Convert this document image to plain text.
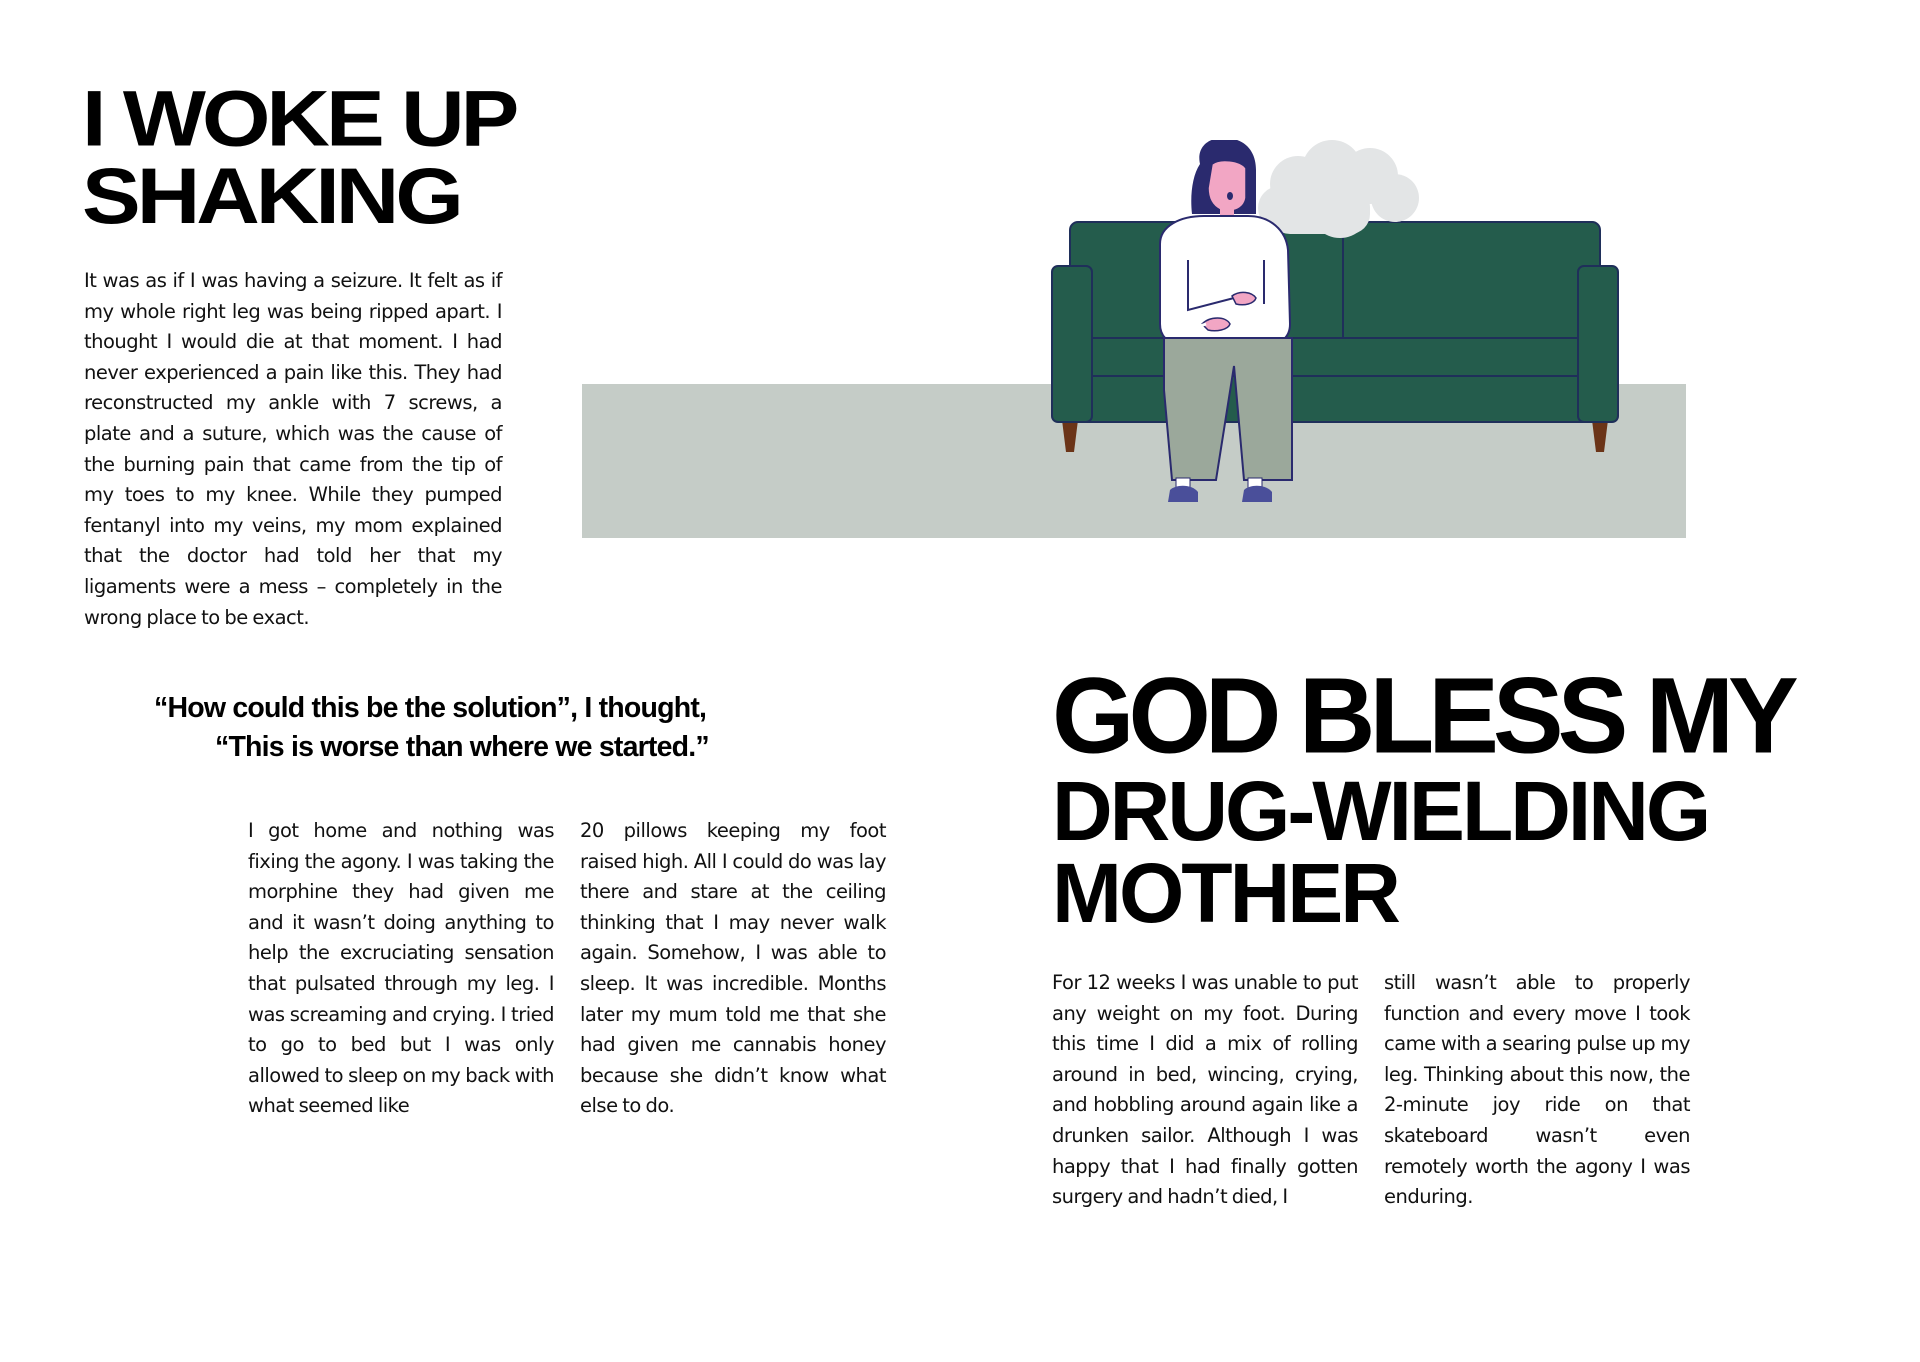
I WOKE UP
SHAKING

It was as if I was having a seizure. It felt as if my whole right leg was being ripped apart. I thought I would die at that moment. I had never experienced a pain like this. They had reconstructed my ankle with 7 screws, a plate and a suture, which was the cause of the burning pain that came from the tip of my toes to my knee. While they pumped fentanyl into my veins, my mom explained that the doctor had told her that my ligaments were a mess – completely in the wrong place to be exact.

“How could this be the solution”, I thought,

“This is worse than where we started.”

I got home and nothing was fixing the agony. I was taking the morphine they had given me and it wasn’t doing anything to help the excruciating sensation that pulsated through my leg. I was screaming and crying. I tried to go to bed but I was only allowed to sleep on my back with what seemed like

20 pillows keeping my foot raised high. All I could do was lay there and stare at the ceiling thinking that I may never walk again. Somehow, I was able to sleep. It was incredible. Months later my mum told me that she had given me cannabis honey because she didn’t know what else to do.

GOD BLESS MY
DRUG-WIELDING
MOTHER

For 12 weeks I was unable to put any weight on my foot. During this time I did a mix of rolling around in bed, wincing, crying, and hobbling around again like a drunken sailor. Although I was happy that I had finally gotten surgery and hadn’t died, I

still wasn’t able to properly function and every move I took came with a searing pulse up my leg. Thinking about this now, the 2-minute joy ride on that skateboard wasn’t even remotely worth the agony I was enduring.
